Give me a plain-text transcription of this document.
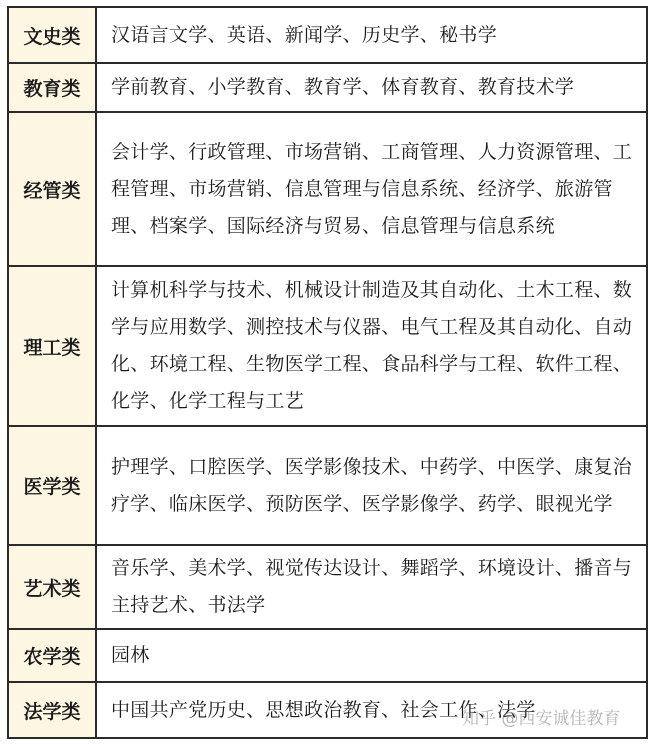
文史类	汉语言文学、英语、新闻学、历史学、秘书学
教育类	学前教育、小学教育、教育学、体育教育、教育技术学
经管类	会计学、行政管理、市场营销、工商管理、人力资源管理、工程管理、市场营销、信息管理与信息系统、经济学、旅游管理、档案学、国际经济与贸易、信息管理与信息系统
理工类	计算机科学与技术、机械设计制造及其自动化、土木工程、数学与应用数学、测控技术与仪器、电气工程及其自动化、自动化、环境工程、生物医学工程、食品科学与工程、软件工程、化学、化学工程与工艺
医学类	护理学、口腔医学、医学影像技术、中药学、中医学、康复治疗学、临床医学、预防医学、医学影像学、药学、眼视光学
艺术类	音乐学、美术学、视觉传达设计、舞蹈学、环境设计、播音与主持艺术、书法学
农学类	园林
法学类	中国共产党历史、思想政治教育、社会工作、法学
知乎 @西安诚佳教育
